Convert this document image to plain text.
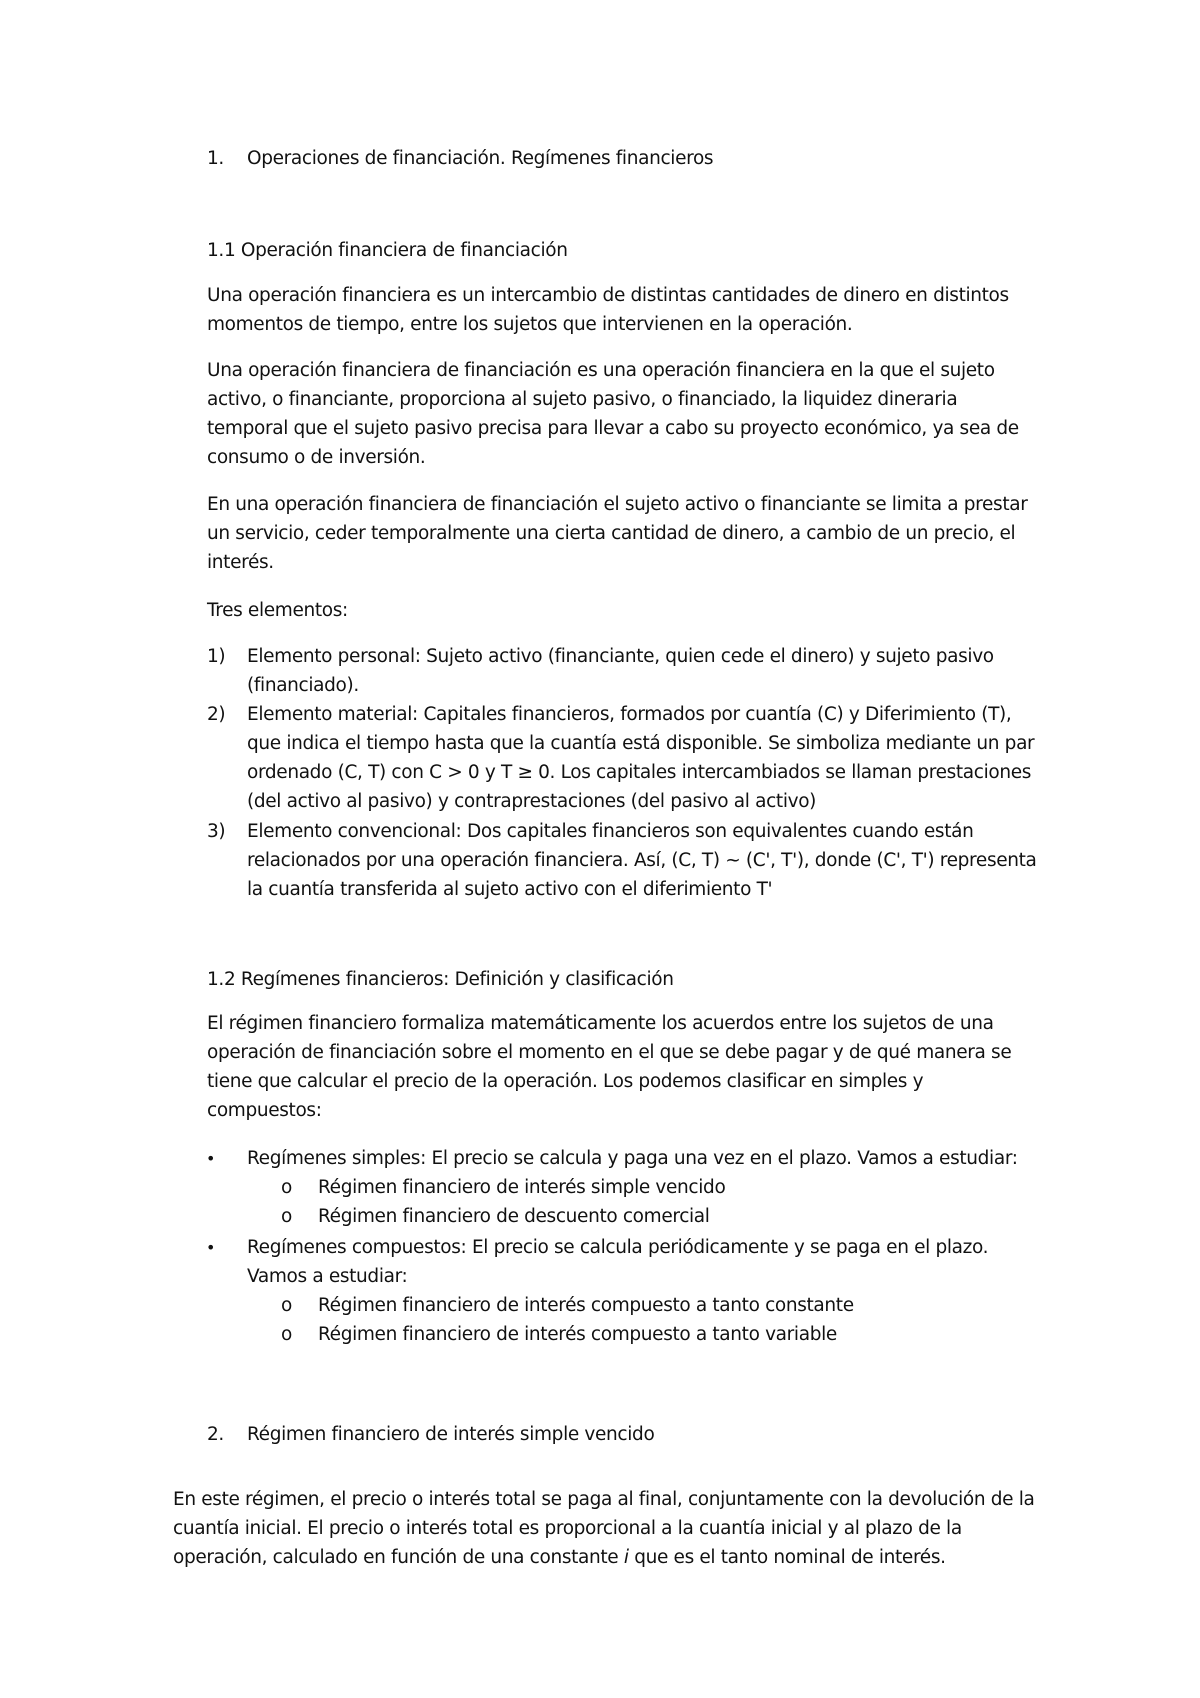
1. Operaciones de financiación. Regímenes financieros
1.1 Operación financiera de financiación

Una operación financiera es un intercambio de distintas cantidades de dinero en distintos momentos de tiempo, entre los sujetos que intervienen en la operación.

Una operación financiera de financiación es una operación financiera en la que el sujeto activo, o financiante, proporciona al sujeto pasivo, o financiado, la liquidez dineraria temporal que el sujeto pasivo precisa para llevar a cabo su proyecto económico, ya sea de consumo o de inversión.

En una operación financiera de financiación el sujeto activo o financiante se limita a prestar un servicio, ceder temporalmente una cierta cantidad de dinero, a cambio de un precio, el interés.

Tres elementos:

1) Elemento personal: Sujeto activo (financiante, quien cede el dinero) y sujeto pasivo (financiado).
2) Elemento material: Capitales financieros, formados por cuantía (C) y Diferimiento (T), que indica el tiempo hasta que la cuantía está disponible. Se simboliza mediante un par ordenado (C, T) con C > 0 y T ≥ 0. Los capitales intercambiados se llaman prestaciones (del activo al pasivo) y contraprestaciones (del pasivo al activo)
3) Elemento convencional: Dos capitales financieros son equivalentes cuando están relacionados por una operación financiera. Así, (C, T) ~ (C', T'), donde (C', T') representa la cuantía transferida al sujeto activo con el diferimiento T'
1.2 Regímenes financieros: Definición y clasificación

El régimen financiero formaliza matemáticamente los acuerdos entre los sujetos de una operación de financiación sobre el momento en el que se debe pagar y de qué manera se tiene que calcular el precio de la operación. Los podemos clasificar en simples y compuestos:

• Regímenes simples: El precio se calcula y paga una vez en el plazo. Vamos a estudiar:
o Régimen financiero de interés simple vencido
o Régimen financiero de descuento comercial
• Regímenes compuestos: El precio se calcula periódicamente y se paga en el plazo. Vamos a estudiar:
o Régimen financiero de interés compuesto a tanto constante
o Régimen financiero de interés compuesto a tanto variable
2. Régimen financiero de interés simple vencido

En este régimen, el precio o interés total se paga al final, conjuntamente con la devolución de la cuantía inicial. El precio o interés total es proporcional a la cuantía inicial y al plazo de la operación, calculado en función de una constante i que es el tanto nominal de interés.
